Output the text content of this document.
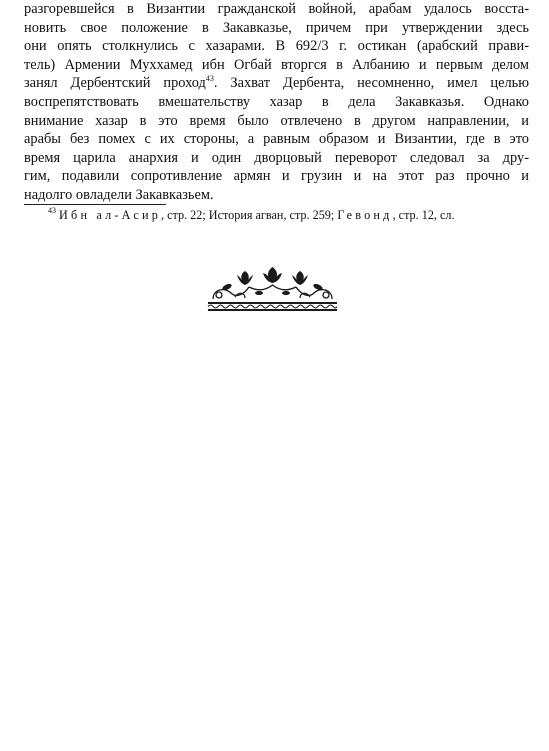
разгоревшейся в Византии гражданской войной, арабам удалось восста-
новить свое положение в Закавказье, причем при утверждении здесь
они опять столкнулись с хазарами. В 692/3 г. остикан (арабский прави-
тель) Армении Муххамед ибн Огбай вторгся в Албанию и первым делом
занял Дербентский проход$^{43}$. Захват Дербента, несомненно, имел целью
воспрепятствовать вмешательству хазар в дела Закавказья. Однако
внимание хазар в это время было отвлечено в другом направлении, и
арабы без помех с их стороны, а равным образом и Византии, где в это
время царила анархия и один дворцовый переворот следовал за дру-
гим, подавили сопротивление армян и грузин и на этот раз прочно и
надолго овладели Закавказьем.

$^{43}$ Ибн ал-Асир, стр. 22; История агван, стр. 259; Гевонд, стр. 12, сл.
